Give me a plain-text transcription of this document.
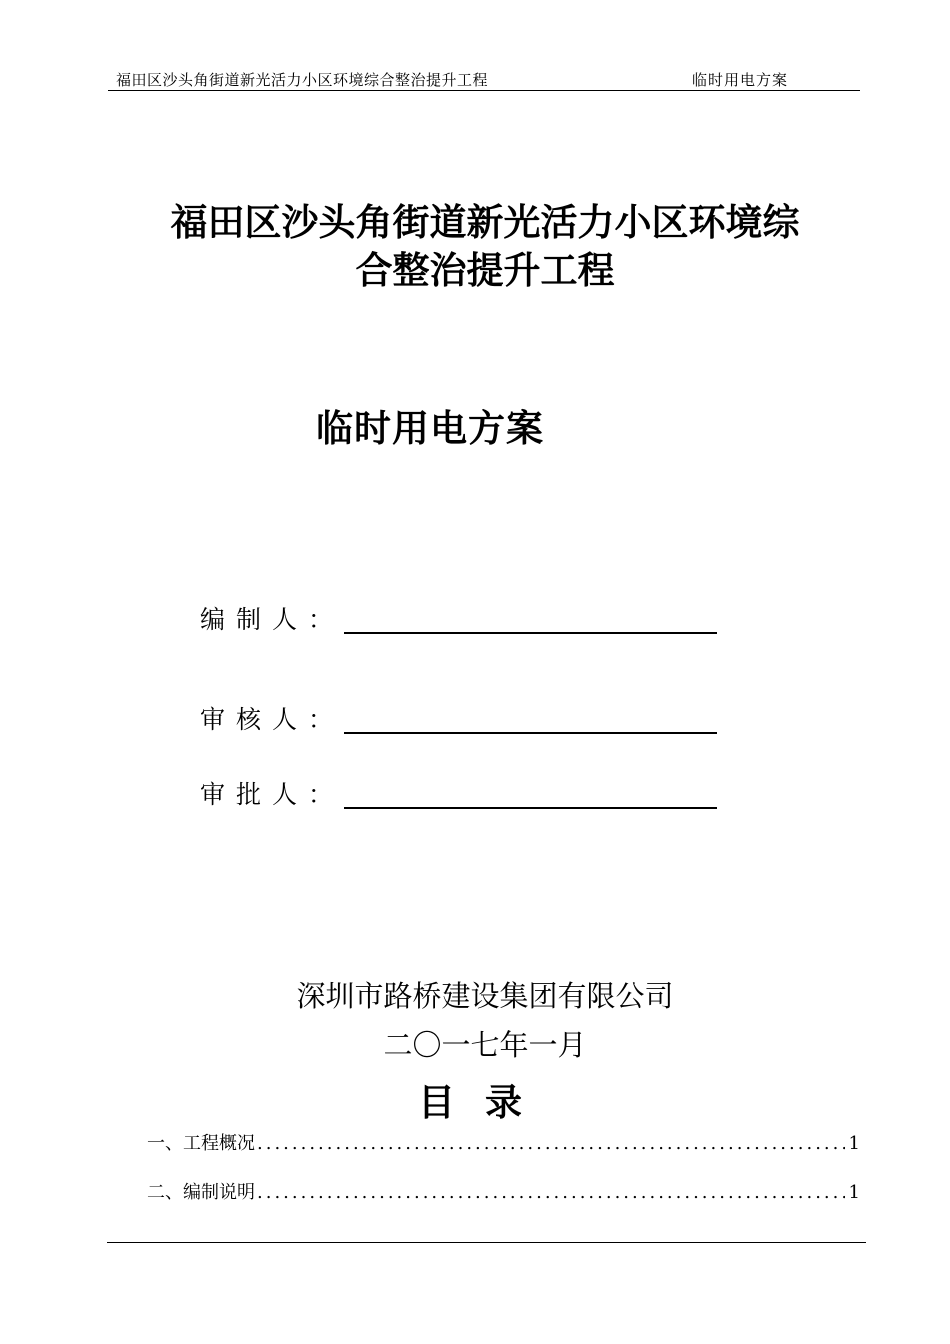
福田区沙头角街道新光活力小区环境综合整治提升工程	临时用电方案
福田区沙头角街道新光活力小区环境综
合整治提升工程
临时用电方案
编制人：
审核人：
审批人：
深圳市路桥建设集团有限公司
二〇一七年一月
目录
一、工程概况 .....	1
二、编制说明 .....	1
